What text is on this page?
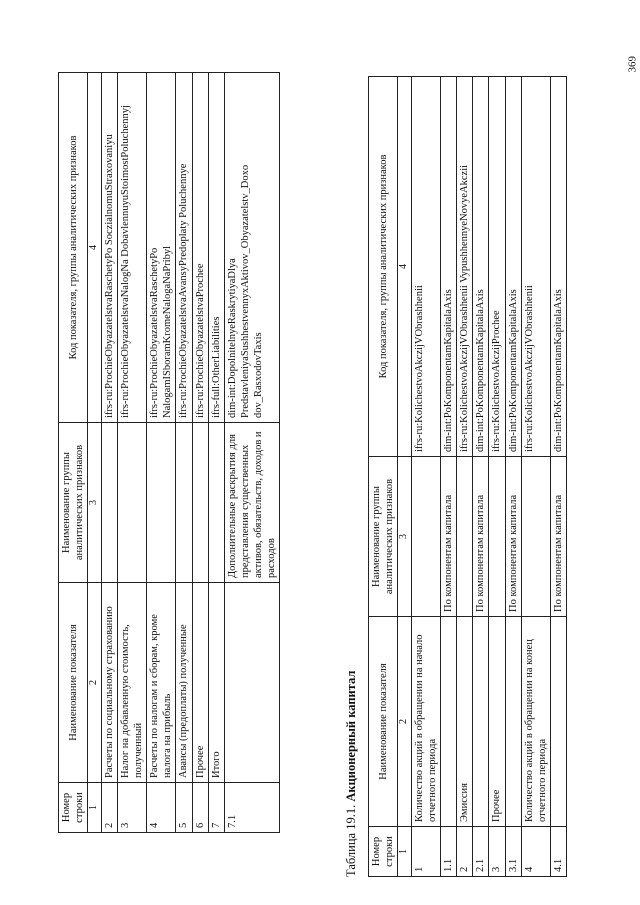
369
Номер строки	Наименование показателя	Наименование группы аналитических признаков	Код показателя, группы аналитических признаков
1	2	3	4
2	Расчеты по социальному страхованию		ifrs-ru:ProchieObyazatelstvaRaschetyPo SoczialnomuStraxovaniyu
3	Налог на добавленную стоимость, полученный		ifrs-ru:ProchieObyazatelstvaNalogNa DobavlennuyuStoimostPoluchennyj
4	Расчеты по налогам и сборам, кроме налога на прибыль		ifrs-ru:ProchieObyazatelstvaRaschetyPo NalogamISboramKromeNalogaNaPribyl
5	Авансы (предоплаты) полученные		ifrs-ru:ProchieObyazatelstvaAvansyPredoplaty Poluchennye
6	Прочее		ifrs-ru:ProchieObyazatelstvaProchee
7	Итого		ifrs-full:OtherLiabilities
7.1		Дополнительные раскрытия для представления существенных активов, обязательств, доходов и расходов	dim-int:DopolnitelnyeRaskrytiyaDlya PredstavleniyaSushhestvennyxAktivov_Obyazatelstv_Doxo dov_RasxodovTaxis
Таблица 19.1. Акционерный капитал
Номер строки	Наименование показателя	Наименование группы аналитических признаков	Код показателя, группы аналитических признаков
1	2	3	4
1	Количество акций в обращении на начало отчетного периода		ifrs-ru:KolichestvoAkczijVObrashhenii
1.1		По компонентам капитала	dim-int:PoKomponentamKapitalaAxis
2	Эмиссия		ifrs-ru:KolichestvoAkczijVObrashhenii VypushhennyeNovyeAkczii
2.1		По компонентам капитала	dim-int:PoKomponentamKapitalaAxis
3	Прочее		ifrs-ru:KolichestvoAkczijProchee
3.1		По компонентам капитала	dim-int:PoKomponentamKapitalaAxis
4	Количество акций в обращении на конец отчетного периода		ifrs-ru:KolichestvoAkczijVObrashhenii
4.1		По компонентам капитала	dim-int:PoKomponentamKapitalaAxis
